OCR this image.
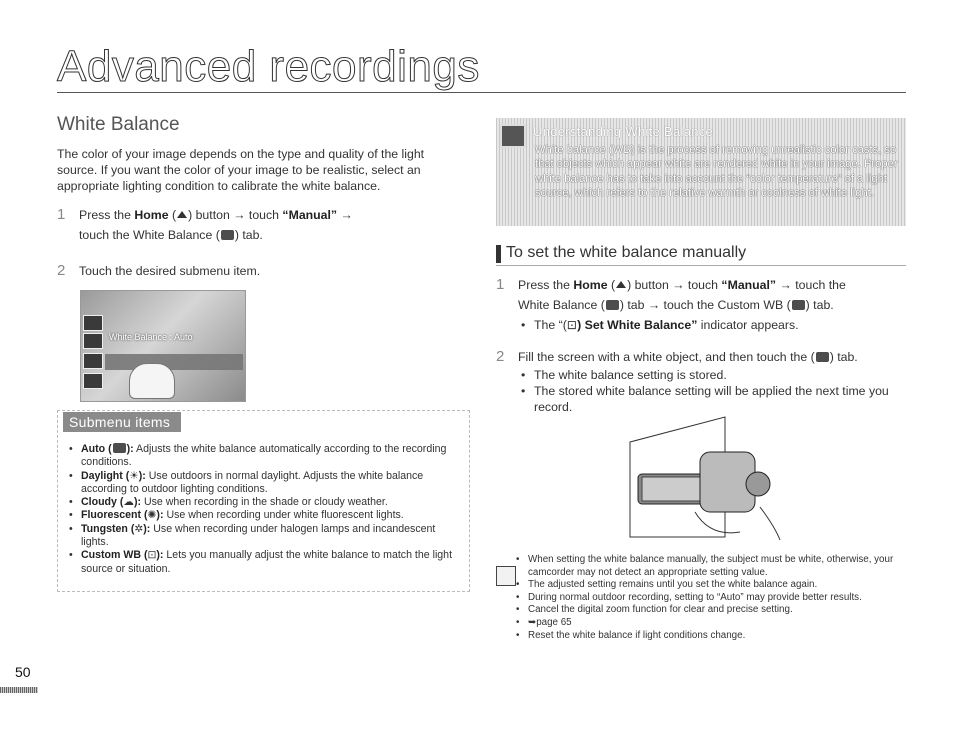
Advanced recordings
White Balance
The color of your image depends on the type and quality of the light source. If you want the color of your image to be realistic, select an appropriate lighting condition to calibrate the white balance.
1 Press the Home ( ) button → touch “Manual” →
touch the White Balance ( ) tab.
2 Touch the desired submenu item.
White Balance : Auto
Submenu items
• Auto ( ): Adjusts the white balance automatically according to the recording conditions.
• Daylight (☀): Use outdoors in normal daylight. Adjusts the white balance according to outdoor lighting conditions.
• Cloudy (☁): Use when recording in the shade or cloudy weather.
• Fluorescent (✺): Use when recording under white fluorescent lights.
• Tungsten (✲): Use when recording under halogen lamps and incandescent lights.
• Custom WB (⊡): Lets you manually adjust the white balance to match the light source or situation.
Understanding White Balance
White balance (WB) is the process of removing unrealistic color casts, so that objects which appear white are rendered white in your image. Proper white balance has to take into account the “color temperature” of a light source, which refers to the relative warmth or coolness of white light.
To set the white balance manually
1 Press the Home ( ) button → touch “Manual” → touch the
White Balance ( ) tab → touch the Custom WB ( ) tab.
• The “(⊡) Set White Balance” indicator appears.
2 Fill the screen with a white object, and then touch the ( ) tab.
• The white balance setting is stored.
• The stored white balance setting will be applied the next time you record.
• When setting the white balance manually, the subject must be white, otherwise, your camcorder may not detect an appropriate setting value.
• The adjusted setting remains until you set the white balance again.
• During normal outdoor recording, setting to “Auto” may provide better results.
• Cancel the digital zoom function for clear and precise setting.
• ➥page 65
• Reset the white balance if light conditions change.
50
